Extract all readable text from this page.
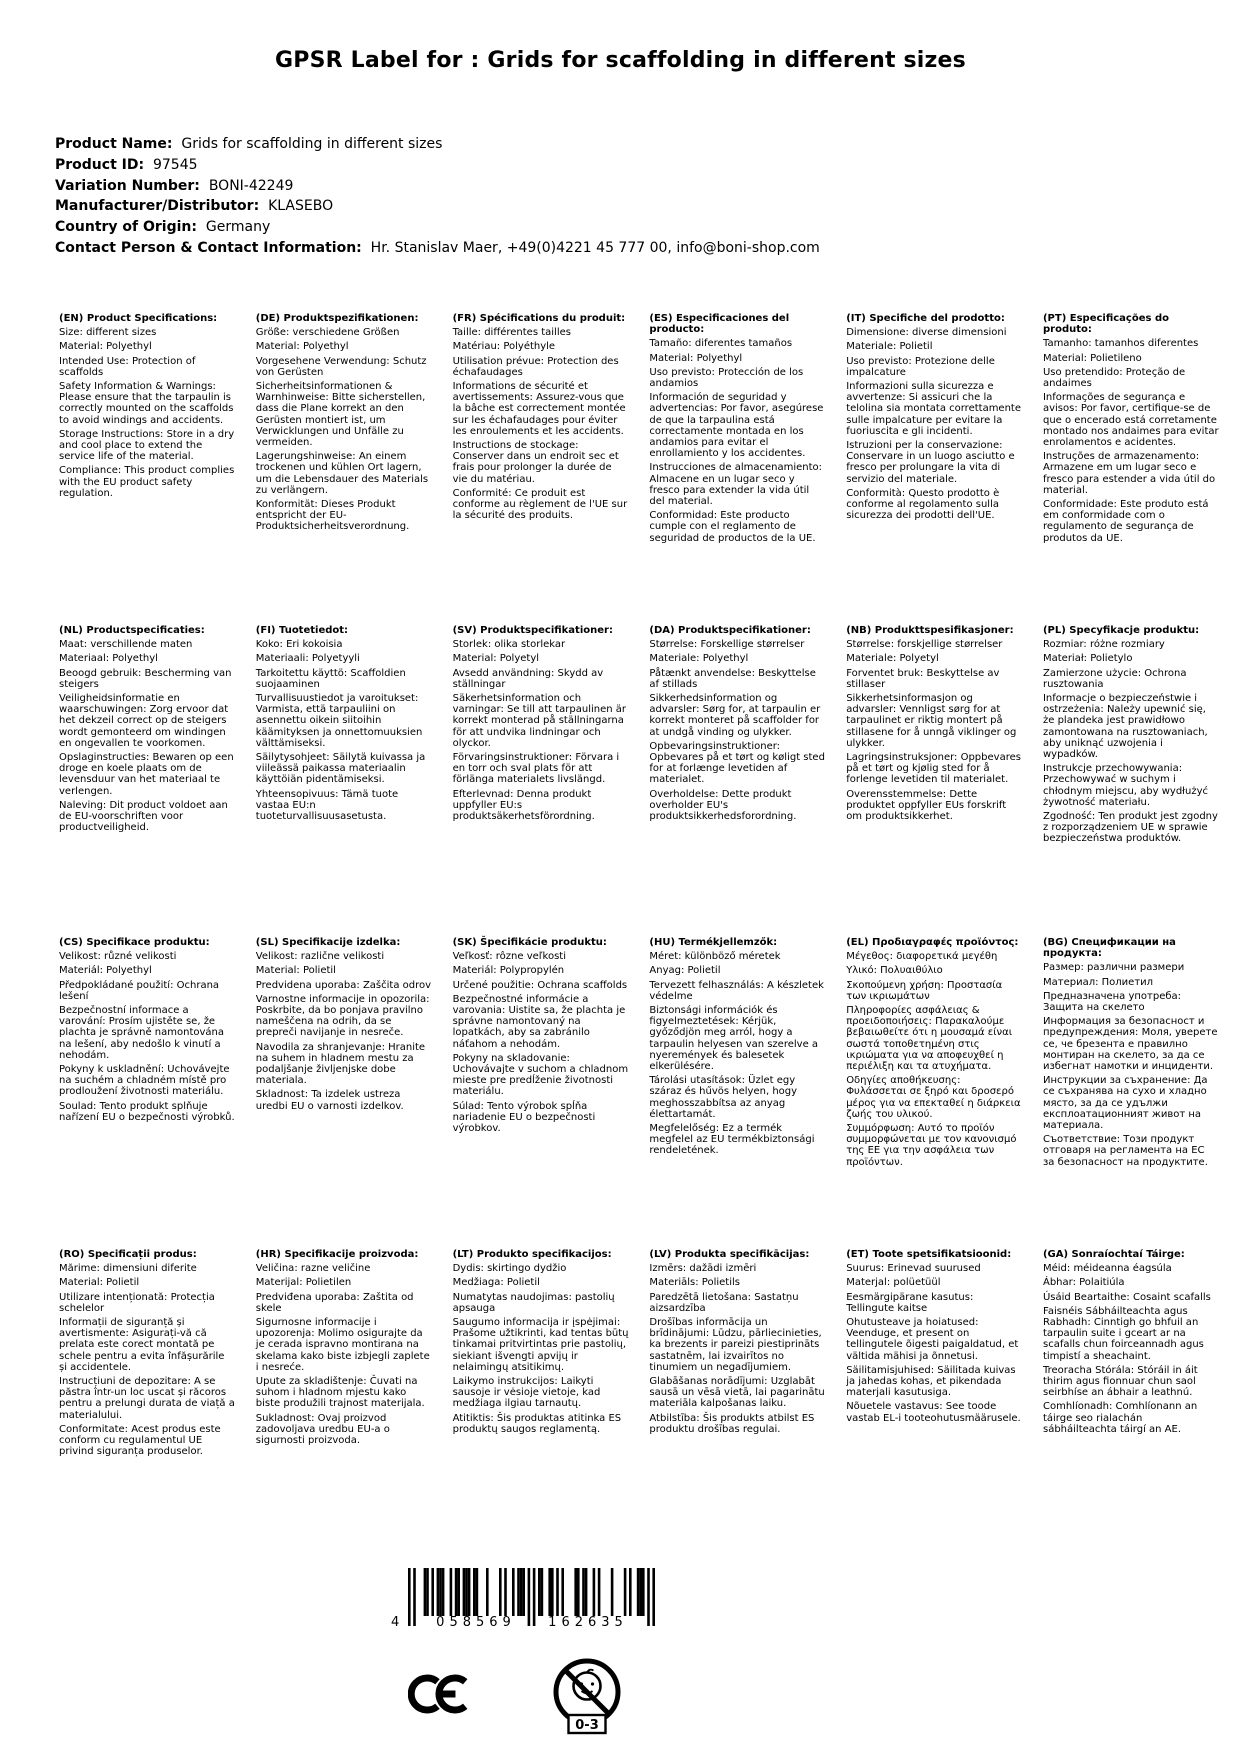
GPSR Label for : Grids for scaffolding in different sizes
Product Name: Grids for scaffolding in different sizes
Product ID: 97545
Variation Number: BONI-42249
Manufacturer/Distributor: KLASEBO
Country of Origin: Germany
Contact Person & Contact Information: Hr. Stanislav Maer, +49(0)4221 45 777 00, info@boni-shop.com
(EN) Product Specifications:
Size: different sizes
Material: Polyethyl
Intended Use: Protection of scaffolds
Safety Information & Warnings: Please ensure that the tarpaulin is correctly mounted on the scaffolds to avoid windings and accidents.
Storage Instructions: Store in a dry and cool place to extend the service life of the material.
Compliance: This product complies with the EU product safety regulation.
(DE) Produktspezifikationen:
Größe: verschiedene Größen
Material: Polyethyl
Vorgesehene Verwendung: Schutz von Gerüsten
Sicherheitsinformationen & Warnhinweise: Bitte sicherstellen, dass die Plane korrekt an den Gerüsten montiert ist, um Verwicklungen und Unfälle zu vermeiden.
Lagerungshinweise: An einem trockenen und kühlen Ort lagern, um die Lebensdauer des Materials zu verlängern.
Konformität: Dieses Produkt entspricht der EU-Produktsicherheitsverordnung.
(FR) Spécifications du produit:
Taille: différentes tailles
Matériau: Polyéthyle
Utilisation prévue: Protection des échafaudages
Informations de sécurité et avertissements: Assurez-vous que la bâche est correctement montée sur les échafaudages pour éviter les enroulements et les accidents.
Instructions de stockage: Conserver dans un endroit sec et frais pour prolonger la durée de vie du matériau.
Conformité: Ce produit est conforme au règlement de l'UE sur la sécurité des produits.
(ES) Especificaciones del producto:
Tamaño: diferentes tamaños
Material: Polyethyl
Uso previsto: Protección de los andamios
Información de seguridad y advertencias: Por favor, asegúrese de que la tarpaulina está correctamente montada en los andamios para evitar el enrollamiento y los accidentes.
Instrucciones de almacenamiento: Almacene en un lugar seco y fresco para extender la vida útil del material.
Conformidad: Este producto cumple con el reglamento de seguridad de productos de la UE.
(IT) Specifiche del prodotto:
Dimensione: diverse dimensioni
Materiale: Polietil
Uso previsto: Protezione delle impalcature
Informazioni sulla sicurezza e avvertenze: Si assicuri che la telolina sia montata correttamente sulle impalcature per evitare la fuoriuscita e gli incidenti.
Istruzioni per la conservazione: Conservare in un luogo asciutto e fresco per prolungare la vita di servizio del materiale.
Conformità: Questo prodotto è conforme al regolamento sulla sicurezza dei prodotti dell'UE.
(PT) Especificações do produto:
Tamanho: tamanhos diferentes
Material: Polietileno
Uso pretendido: Proteção de andaimes
Informações de segurança e avisos: Por favor, certifique-se de que o encerado está corretamente montado nos andaimes para evitar enrolamentos e acidentes.
Instruções de armazenamento: Armazene em um lugar seco e fresco para estender a vida útil do material.
Conformidade: Este produto está em conformidade com o regulamento de segurança de produtos da UE.
(NL) Productspecificaties:
Maat: verschillende maten
Materiaal: Polyethyl
Beoogd gebruik: Bescherming van steigers
Veiligheidsinformatie en waarschuwingen: Zorg ervoor dat het dekzeil correct op de steigers wordt gemonteerd om windingen en ongevallen te voorkomen.
Opslaginstructies: Bewaren op een droge en koele plaats om de levensduur van het materiaal te verlengen.
Naleving: Dit product voldoet aan de EU-voorschriften voor productveiligheid.
(FI) Tuotetiedot:
Koko: Eri kokoisia
Materiaali: Polyetyyli
Tarkoitettu käyttö: Scaffoldien suojaaminen
Turvallisuustiedot ja varoitukset: Varmista, että tarpauliini on asennettu oikein siitoihin käämityksen ja onnettomuuksien välttämiseksi.
Säilytysohjeet: Säilytä kuivassa ja viileässä paikassa materiaalin käyttöiän pidentämiseksi.
Yhteensopivuus: Tämä tuote vastaa EU:n tuoteturvallisuusasetusta.
(SV) Produktspecifikationer:
Storlek: olika storlekar
Material: Polyetyl
Avsedd användning: Skydd av ställningar
Säkerhetsinformation och varningar: Se till att tarpaulinen är korrekt monterad på ställningarna för att undvika lindningar och olyckor.
Förvaringsinstruktioner: Förvara i en torr och sval plats för att förlänga materialets livslängd.
Efterlevnad: Denna produkt uppfyller EU:s produktsäkerhetsförordning.
(DA) Produktspecifikationer:
Størrelse: Forskellige størrelser
Materiale: Polyethyl
Påtænkt anvendelse: Beskyttelse af stillads
Sikkerhedsinformation og advarsler: Sørg for, at tarpaulin er korrekt monteret på scaffolder for at undgå vinding og ulykker.
Opbevaringsinstruktioner: Opbevares på et tørt og køligt sted for at forlænge levetiden af materialet.
Overholdelse: Dette produkt overholder EU's produktsikkerhedsforordning.
(NB) Produkttspesifikasjoner:
Størrelse: forskjellige størrelser
Materiale: Polyetyl
Forventet bruk: Beskyttelse av stillaser
Sikkerhetsinformasjon og advarsler: Vennligst sørg for at tarpaulinet er riktig montert på stillasene for å unngå viklinger og ulykker.
Lagringsinstruksjoner: Oppbevares på et tørt og kjølig sted for å forlenge levetiden til materialet.
Overensstemmelse: Dette produktet oppfyller EUs forskrift om produktsikkerhet.
(PL) Specyfikacje produktu:
Rozmiar: różne rozmiary
Materiał: Polietylo
Zamierzone użycie: Ochrona rusztowania
Informacje o bezpieczeństwie i ostrzeżenia: Należy upewnić się, że plandeka jest prawidłowo zamontowana na rusztowaniach, aby uniknąć uzwojenia i wypadków.
Instrukcje przechowywania: Przechowywać w suchym i chłodnym miejscu, aby wydłużyć żywotność materiału.
Zgodność: Ten produkt jest zgodny z rozporządzeniem UE w sprawie bezpieczeństwa produktów.
(CS) Specifikace produktu:
Velikost: různé velikosti
Materiál: Polyethyl
Předpokládané použití: Ochrana lešení
Bezpečnostní informace a varování: Prosím ujistěte se, že plachta je správně namontována na lešení, aby nedošlo k vinutí a nehodám.
Pokyny k uskladnění: Uchovávejte na suchém a chladném místě pro prodloužení životnosti materiálu.
Soulad: Tento produkt splňuje nařízení EU o bezpečnosti výrobků.
(SL) Specifikacije izdelka:
Velikost: različne velikosti
Material: Polietil
Predvidena uporaba: Zaščita odrov
Varnostne informacije in opozorila: Poskrbite, da bo ponjava pravilno nameščena na odrih, da se prepreči navijanje in nesreče.
Navodila za shranjevanje: Hranite na suhem in hladnem mestu za podaljšanje življenjske dobe materiala.
Skladnost: Ta izdelek ustreza uredbi EU o varnosti izdelkov.
(SK) Špecifikácie produktu:
Veľkosť: rôzne veľkosti
Materiál: Polypropylén
Určené použitie: Ochrana scaffolds
Bezpečnostné informácie a varovania: Uistite sa, že plachta je správne namontovaný na lopatkách, aby sa zabránilo náťahom a nehodám.
Pokyny na skladovanie: Uchovávajte v suchom a chladnom mieste pre predĺženie životnosti materiálu.
Súlad: Tento výrobok spĺňa nariadenie EU o bezpečnosti výrobkov.
(HU) Termékjellemzők:
Méret: különböző méretek
Anyag: Polietil
Tervezett felhasználás: A készletek védelme
Biztonsági információk és figyelmeztetések: Kérjük, győződjön meg arról, hogy a tarpaulin helyesen van szerelve a nyeremények és balesetek elkerülésére.
Tárolási utasítások: Üzlet egy száraz és hűvös helyen, hogy meghosszabbítsa az anyag élettartamát.
Megfelelőség: Ez a termék megfelel az EU termékbiztonsági rendeletének.
(EL) Προδιαγραφές προϊόντος:
Μέγεθος: διαφορετικά μεγέθη
Υλικό: Πολυαιθύλιο
Σκοπούμενη χρήση: Προστασία των ικριωμάτων
Πληροφορίες ασφάλειας & προειδοποιήσεις: Παρακαλούμε βεβαιωθείτε ότι η μουσαμά είναι σωστά τοποθετημένη στις ικριώματα για να αποφευχθεί η περιέλιξη και τα ατυχήματα.
Οδηγίες αποθήκευσης: Φυλάσσεται σε ξηρό και δροσερό μέρος για να επεκταθεί η διάρκεια ζωής του υλικού.
Συμμόρφωση: Αυτό το προϊόν συμμορφώνεται με τον κανονισμό της ΕΕ για την ασφάλεια των προϊόντων.
(BG) Спецификации на продукта:
Размер: различни размери
Материал: Полиетил
Предназначена употреба: Защита на скелето
Информация за безопасност и предупреждения: Моля, уверете се, че брезента е правилно монтиран на скелето, за да се избегнат намотки и инциденти.
Инструкции за съхранение: Да се съхранява на сухо и хладно място, за да се удължи експлоатационният живот на материала.
Съответствие: Този продукт отговаря на регламента на ЕС за безопасност на продуктите.
(RO) Specificații produs:
Mărime: dimensiuni diferite
Material: Polietil
Utilizare intenționată: Protecția schelelor
Informații de siguranță și avertismente: Asigurați-vă că prelata este corect montată pe schele pentru a evita înfășurările și accidentele.
Instrucțiuni de depozitare: A se păstra într-un loc uscat și răcoros pentru a prelungi durata de viață a materialului.
Conformitate: Acest produs este conform cu regulamentul UE privind siguranța produselor.
(HR) Specifikacije proizvoda:
Veličina: razne veličine
Materijal: Polietilen
Predviđena uporaba: Zaštita od skele
Sigurnosne informacije i upozorenja: Molimo osigurajte da je cerada ispravno montirana na skelama kako biste izbjegli zaplete i nesreće.
Upute za skladištenje: Čuvati na suhom i hladnom mjestu kako biste produžili trajnost materijala.
Sukladnost: Ovaj proizvod zadovoljava uredbu EU-a o sigurnosti proizvoda.
(LT) Produkto specifikacijos:
Dydis: skirtingo dydžio
Medžiaga: Polietil
Numatytas naudojimas: pastolių apsauga
Saugumo informacija ir įspėjimai: Prašome užtikrinti, kad tentas būtų tinkamai pritvirtintas prie pastolių, siekiant išvengti apvijų ir nelaimingų atsitikimų.
Laikymo instrukcijos: Laikyti sausoje ir vėsioje vietoje, kad medžiaga ilgiau tarnautų.
Atitiktis: Šis produktas atitinka ES produktų saugos reglamentą.
(LV) Produkta specifikācijas:
Izmērs: dažādi izmēri
Materiāls: Polietils
Paredzētā lietošana: Sastatņu aizsardzība
Drošības informācija un brīdinājumi: Lūdzu, pārliecinieties, ka brezents ir pareizi piestiprināts sastatnēm, lai izvairītos no tinumiem un negadījumiem.
Glabāšanas norādījumi: Uzglabāt sausā un vēsā vietā, lai pagarinātu materiāla kalpošanas laiku.
Atbilstība: Šis produkts atbilst ES produktu drošības regulai.
(ET) Toote spetsifikatsioonid:
Suurus: Erinevad suurused
Materjal: polüetüül
Eesmärgipärane kasutus: Tellingute kaitse
Ohutusteave ja hoiatused: Veenduge, et present on tellingutele õigesti paigaldatud, et vältida mähisi ja õnnetusi.
Säilitamisjuhised: Säilitada kuivas ja jahedas kohas, et pikendada materjali kasutusiga.
Nõuetele vastavus: See toode vastab EL-i tooteohutusmäärusele.
(GA) Sonraíochtaí Táirge:
Méid: méideanna éagsúla
Ábhar: Polaitiúla
Úsáid Beartaithe: Cosaint scafalls
Faisnéis Sábháilteachta agus Rabhadh: Cinntigh go bhfuil an tarpaulin suite i gceart ar na scafalls chun foirceannadh agus timpistí a sheachaint.
Treoracha Stórála: Stóráil in áit thirim agus fionnuar chun saol seirbhíse an ábhair a leathnú.
Comhlíonadh: Comhlíonann an táirge seo rialachán sábháilteachta táirgí an AE.
4	058569	162635
0-3
